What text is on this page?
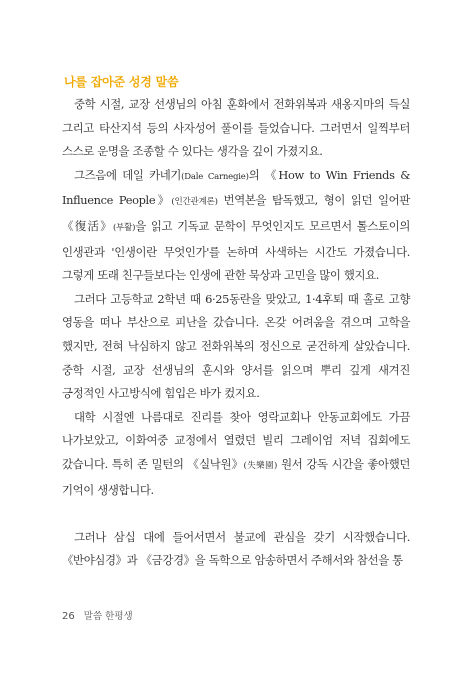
나를 잡아준 성경 말씀

중학 시절, 교장 선생님의 아침 훈화에서 전화위복과 새옹지마의 득실 그리고 타산지석 등의 사자성어 풀이를 들었습니다. 그러면서 일찍부터 스스로 운명을 조종할 수 있다는 생각을 깊이 가졌지요.

그즈음에 데일 카네기(Dale Carnegie)의 《How to Win Friends & Influence People》(인간관계론) 번역본을 탐독했고, 형이 읽던 일어판 《復活》(부활)을 읽고 기독교 문학이 무엇인지도 모르면서 톨스토이의 인생관과 '인생이란 무엇인가'를 논하며 사색하는 시간도 가졌습니다. 그렇게 또래 친구들보다는 인생에 관한 묵상과 고민을 많이 했지요.

그러다 고등학교 2학년 때 6·25동란을 맞았고, 1·4후퇴 때 홀로 고향 영동을 떠나 부산으로 피난을 갔습니다. 온갖 어려움을 겪으며 고학을 했지만, 전혀 낙심하지 않고 전화위복의 정신으로 굳건하게 살았습니다. 중학 시절, 교장 선생님의 훈시와 양서를 읽으며 뿌리 깊게 새겨진 긍정적인 사고방식에 힘입은 바가 컸지요.

대학 시절엔 나름대로 진리를 찾아 영락교회나 안동교회에도 가끔 나가보았고, 이화여중 교정에서 열렸던 빌리 그레이엄 저녁 집회에도 갔습니다. 특히 존 밀턴의 《실낙원》(失樂園) 원서 강독 시간을 좋아했던 기억이 생생합니다.

그러나 삼십 대에 들어서면서 불교에 관심을 갖기 시작했습니다. 《반야심경》과 《금강경》을 독학으로 암송하면서 주해서와 참선을 통

26 말씀 한평생
